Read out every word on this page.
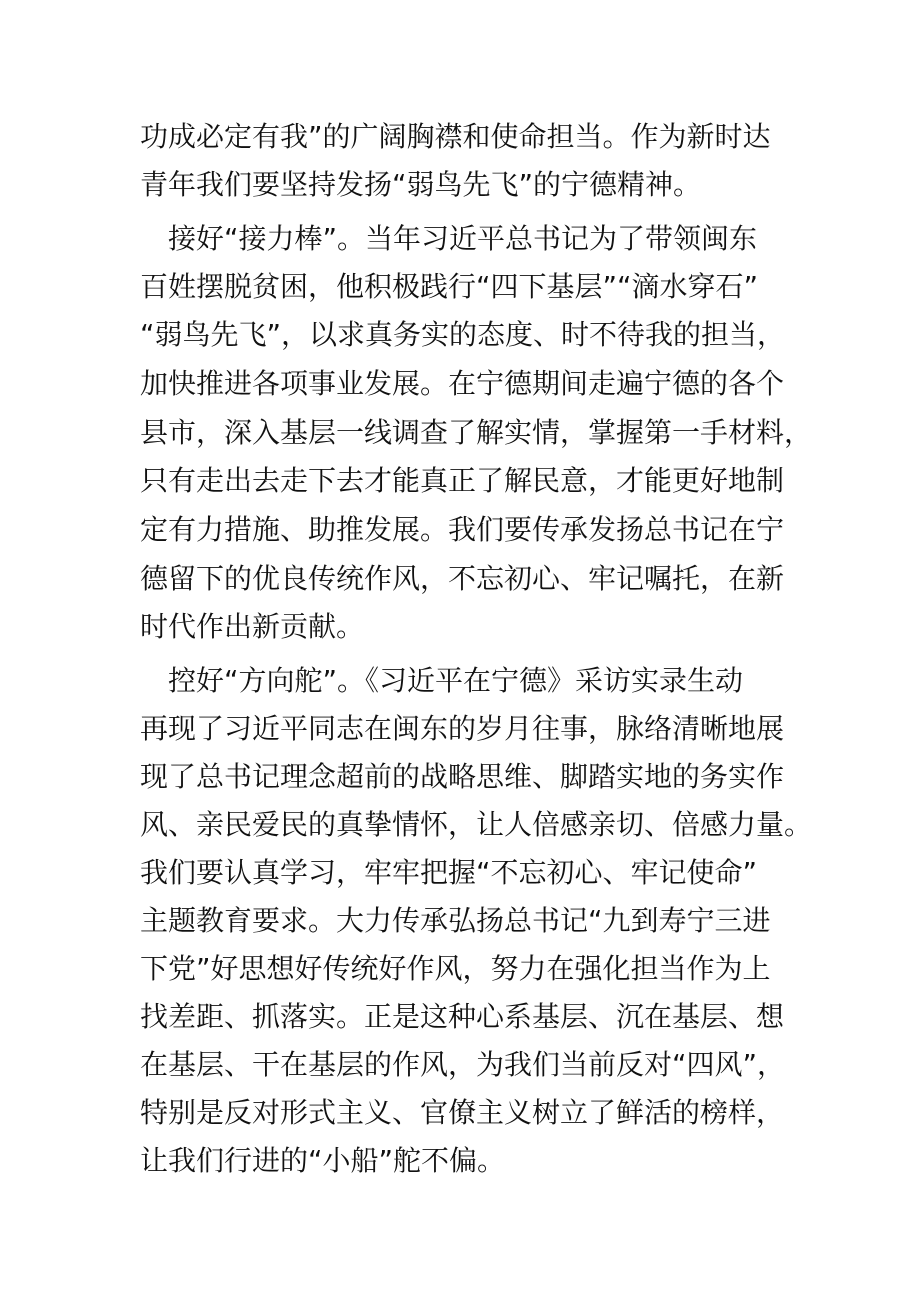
功成必定有我”的广阔胸襟和使命担当。作为新时达
青年我们要坚持发扬“弱鸟先飞”的宁德精神。
接好“接力棒”。当年习近平总书记为了带领闽东
百姓摆脱贫困，他积极践行“四下基层”“滴水穿石”
“弱鸟先飞”，以求真务实的态度、时不待我的担当，
加快推进各项事业发展。在宁德期间走遍宁德的各个
县市，深入基层一线调查了解实情，掌握第一手材料，
只有走出去走下去才能真正了解民意，才能更好地制
定有力措施、助推发展。我们要传承发扬总书记在宁
德留下的优良传统作风，不忘初心、牢记嘱托，在新
时代作出新贡献。
控好“方向舵”。《习近平在宁德》采访实录生动
再现了习近平同志在闽东的岁月往事，脉络清晰地展
现了总书记理念超前的战略思维、脚踏实地的务实作
风、亲民爱民的真挚情怀，让人倍感亲切、倍感力量。
我们要认真学习，牢牢把握“不忘初心、牢记使命”
主题教育要求。大力传承弘扬总书记“九到寿宁三进
下党”好思想好传统好作风，努力在强化担当作为上
找差距、抓落实。正是这种心系基层、沉在基层、想
在基层、干在基层的作风，为我们当前反对“四风”，
特别是反对形式主义、官僚主义树立了鲜活的榜样，
让我们行进的“小船”舵不偏。
